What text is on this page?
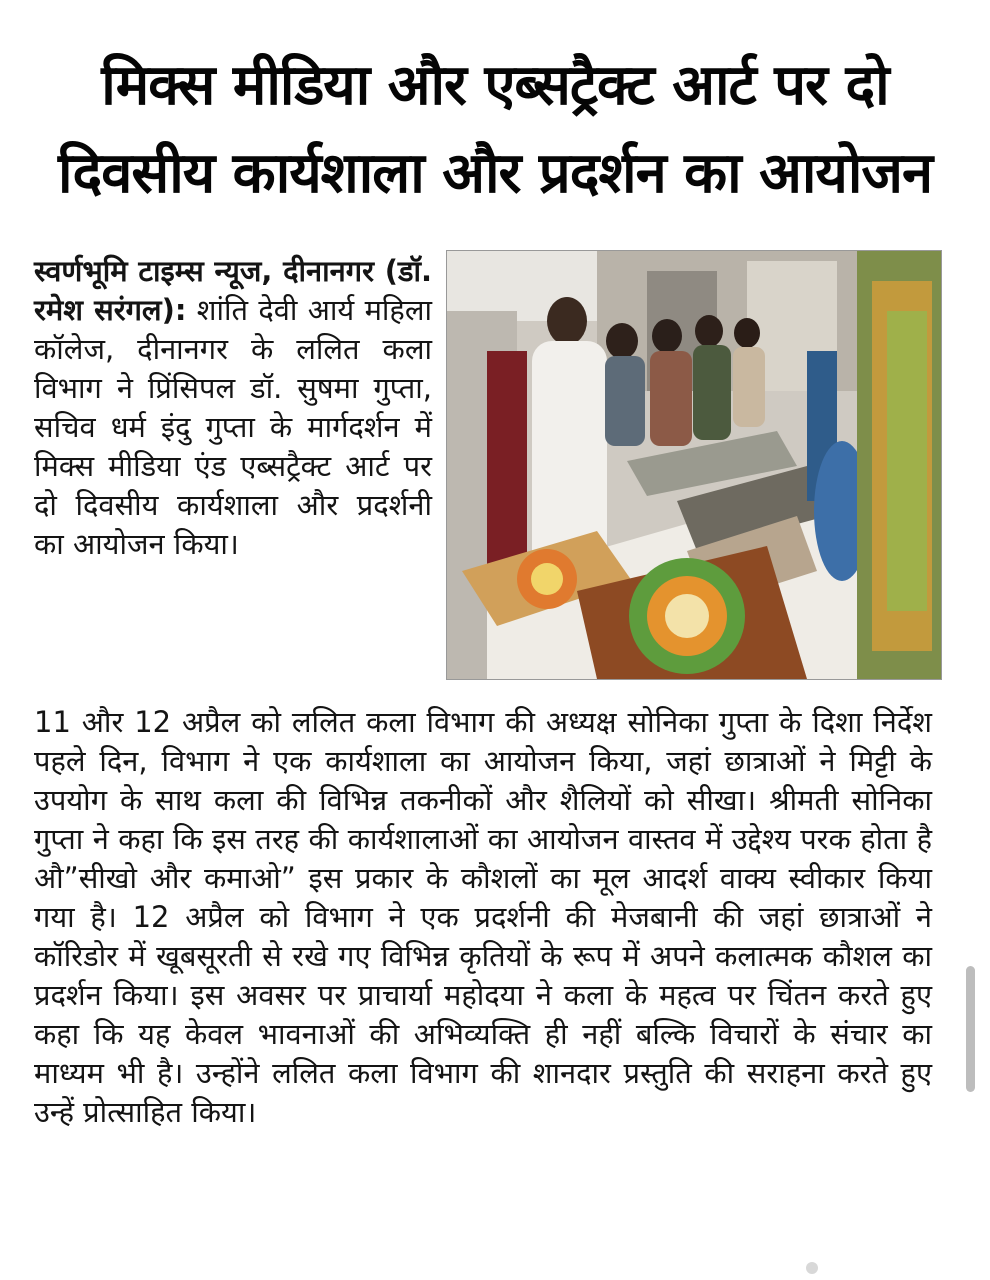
मिक्स मीडिया और एब्सट्रैक्ट आर्ट पर दो
दिवसीय कार्यशाला और प्रदर्शन का आयोजन
स्वर्णभूमि टाइम्स न्यूज, दीनानगर (डॉ. रमेश सरंगल): शांति देवी आर्य महिला कॉलेज, दीनानगर के ललित कला विभाग ने प्रिंसिपल डॉ. सुषमा गुप्ता, सचिव धर्म इंदु गुप्ता के मार्गदर्शन में मिक्स मीडिया एंड एब्सट्रैक्ट आर्ट पर दो दिवसीय कार्यशाला और प्रदर्शनी का आयोजन किया।
11 और 12 अप्रैल को ललित कला विभाग की अध्यक्ष सोनिका गुप्ता के दिशा निर्देश पहले दिन, विभाग ने एक कार्यशाला का आयोजन किया, जहां छात्राओं ने मिट्टी के उपयोग के साथ कला की विभिन्न तकनीकों और शैलियों को सीखा। श्रीमती सोनिका गुप्ता ने कहा कि इस तरह की कार्यशालाओं का आयोजन वास्तव में उद्देश्य परक होता है औ”सीखो और कमाओ” इस प्रकार के कौशलों का मूल आदर्श वाक्य स्वीकार किया गया है। 12 अप्रैल को विभाग ने एक प्रदर्शनी की मेजबानी की जहां छात्राओं ने कॉरिडोर में खूबसूरती से रखे गए विभिन्न कृतियों के रूप में अपने कलात्मक कौशल का प्रदर्शन किया। इस अवसर पर प्राचार्या महोदया ने कला के महत्व पर चिंतन करते हुए कहा कि यह केवल भावनाओं की अभिव्यक्ति ही नहीं बल्कि विचारों के संचार का माध्यम भी है। उन्होंने ललित कला विभाग की शानदार प्रस्तुति की सराहना करते हुए उन्हें प्रोत्साहित किया।
